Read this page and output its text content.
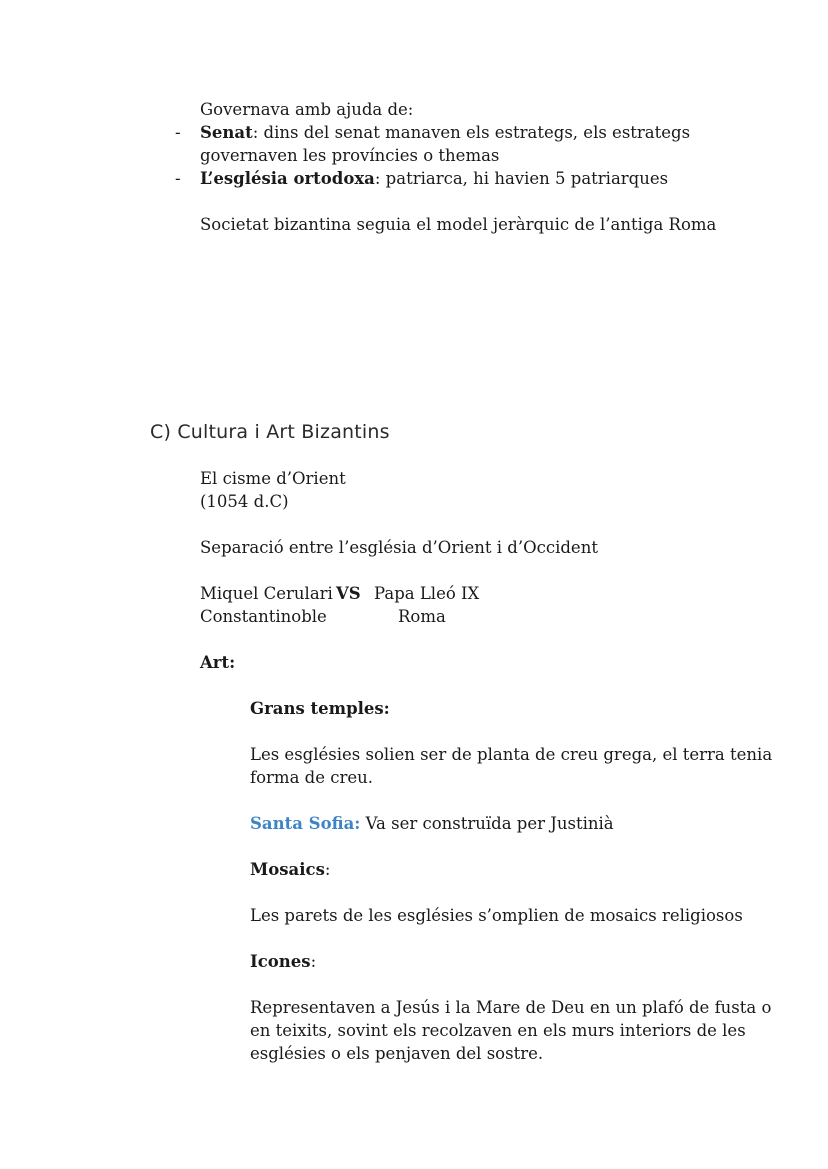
Governava amb ajuda de:
- Senat: dins del senat manaven els estrategs, els estrategs
governaven les províncies o themas
- L’església ortodoxa: patriarca, hi havien 5 patriarques
Societat bizantina seguia el model jeràrquic de l’antiga Roma
C) Cultura i Art Bizantins
El cisme d’Orient
(1054 d.C)
Separació entre l’església d’Orient i d’Occident
Miquel Cerulari VS Papa Lleó IX
Constantinoble	Roma
Art:
Grans temples:
Les esglésies solien ser de planta de creu grega, el terra tenia
forma de creu.
Santa Sofia: Va ser construïda per Justinià
Mosaics:
Les parets de les esglésies s’omplien de mosaics religiosos
Icones:
Representaven a Jesús i la Mare de Deu en un plafó de fusta o
en teixits, sovint els recolzaven en els murs interiors de les
esglésies o els penjaven del sostre.
